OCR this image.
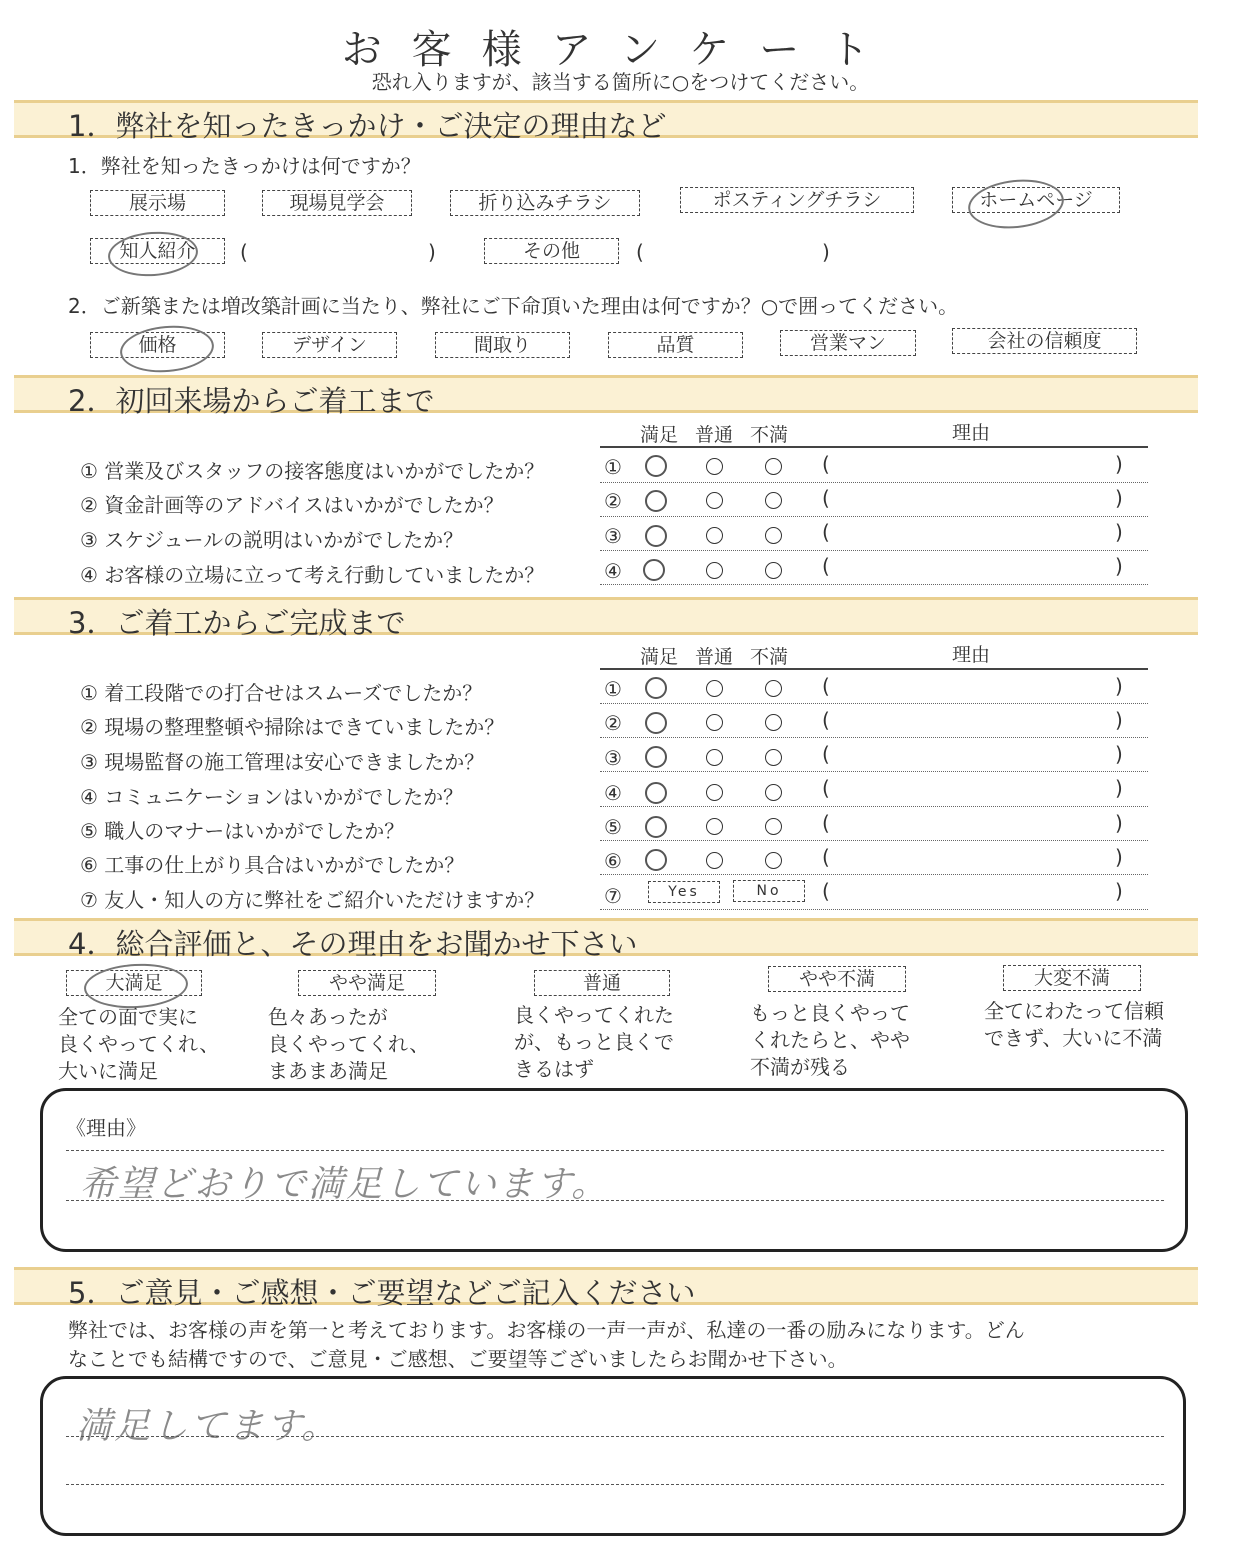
お客様アンケート
恐れ入りますが、該当する箇所に○をつけてください。
1．弊社を知ったきっかけ・ご決定の理由など
1．弊社を知ったきっかけは何ですか？
展示場	現場見学会	折り込みチラシ	ポスティングチラシ	ホームページ
知人紹介	(	)	その他	(	)
2．ご新築または増改築計画に当たり、弊社にご下命頂いた理由は何ですか？○で囲ってください。
価格	デザイン	間取り	品質	営業マン	会社の信頼度
2．初回来場からご着工まで
満足 普通 不満	理由
① 営業及びスタッフの接客態度はいかがでしたか？	①	(	)
② 資金計画等のアドバイスはいかがでしたか？	②	(	)
③ スケジュールの説明はいかがでしたか？	③	(	)
④ お客様の立場に立って考え行動していましたか？	④	(	)
3．ご着工からご完成まで
満足 普通 不満	理由
① 着工段階での打合せはスムーズでしたか？	①	(	)
② 現場の整理整頓や掃除はできていましたか？	②	(	)
③ 現場監督の施工管理は安心できましたか？	③	(	)
④ コミュニケーションはいかがでしたか？	④	(	)
⑤ 職人のマナーはいかがでしたか？	⑤	(	)
⑥ 工事の仕上がり具合はいかがでしたか？	⑥	(	)
⑦ 友人・知人の方に弊社をご紹介いただけますか？	⑦	Yes	No	(	)
4．総合評価と、その理由をお聞かせ下さい
大満足	やや満足	普通	やや不満	大変不満
全ての面で実に
良くやってくれ、
大いに満足
色々あったが
良くやってくれ、
まあまあ満足
良くやってくれた
が、もっと良くで
きるはず
もっと良くやって
くれたらと、やや
不満が残る
全てにわたって信頼
できず、大いに不満
《理由》
希望どおりで満足しています。
5．ご意見・ご感想・ご要望などご記入ください
弊社では、お客様の声を第一と考えております。お客様の一声一声が、私達の一番の励みになります。どん
なことでも結構ですので、ご意見・ご感想、ご要望等ございましたらお聞かせ下さい。
満足してます。
